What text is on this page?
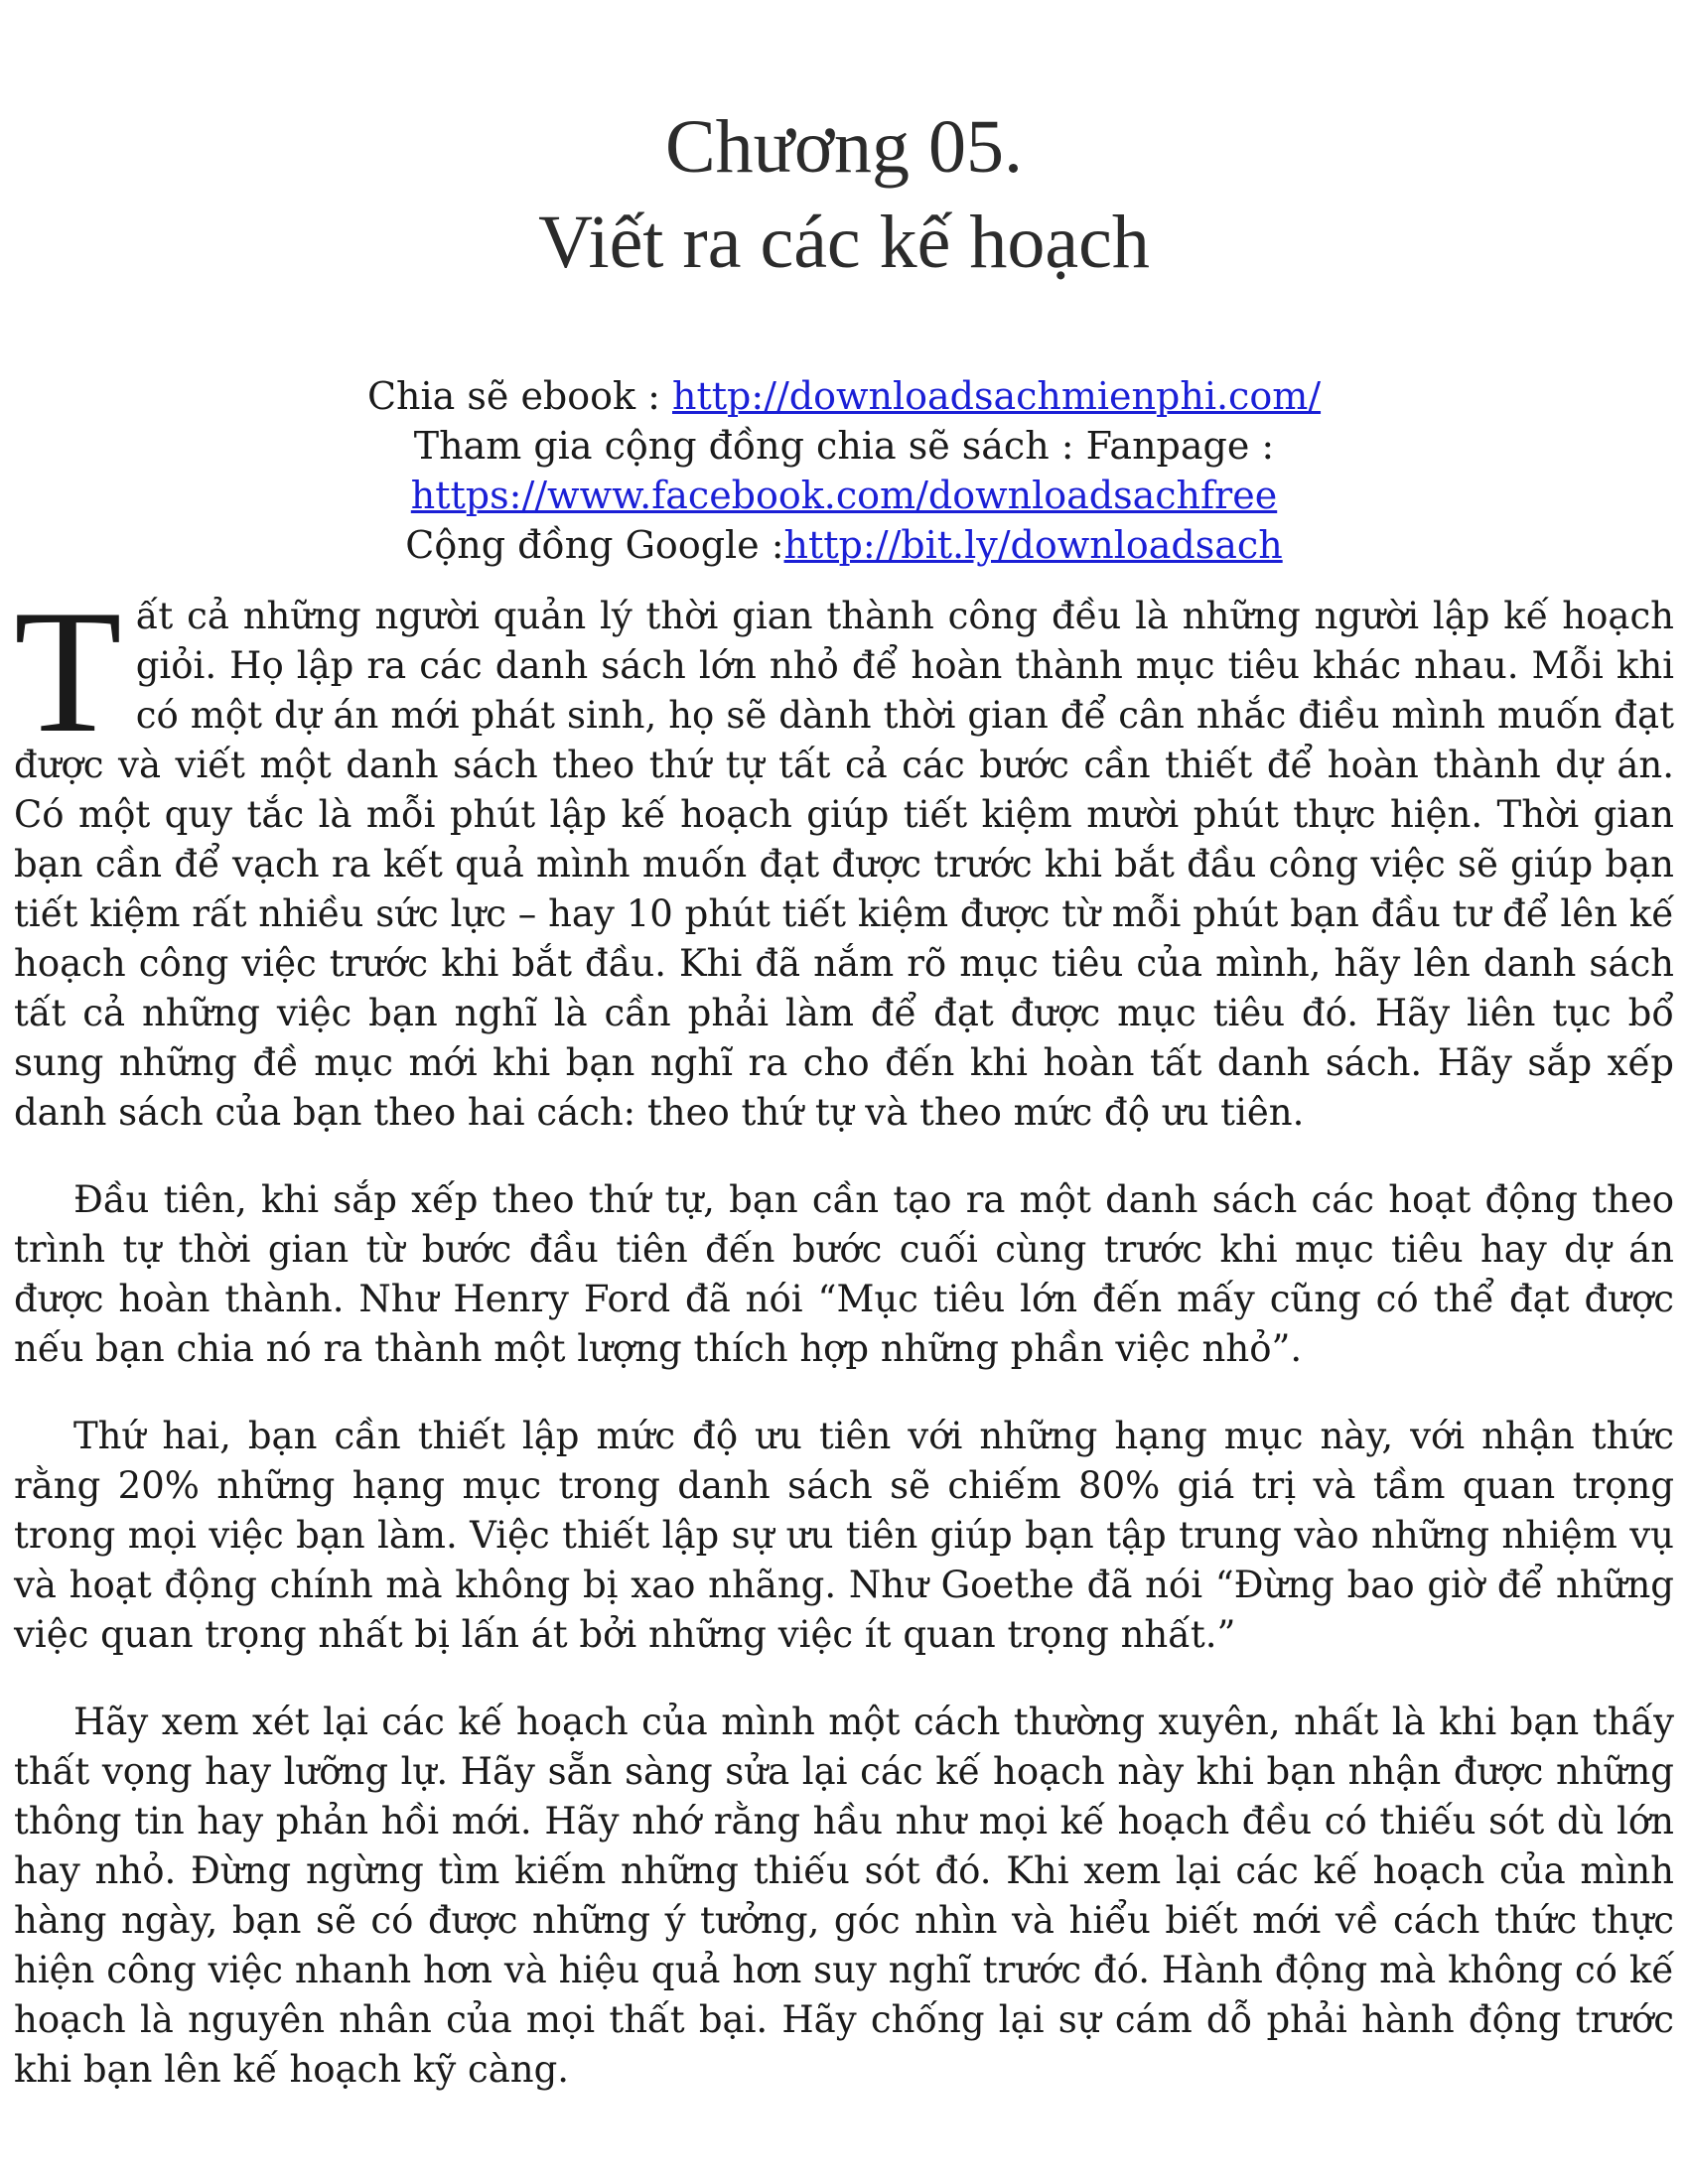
Chương 05.
Viết ra các kế hoạch
Chia sẽ ebook : http://downloadsachmienphi.com/
Tham gia cộng đồng chia sẽ sách : Fanpage :
https://www.facebook.com/downloadsachfree
Cộng đồng Google :http://bit.ly/downloadsach

Tất cả những người quản lý thời gian thành công đều là những người lập kế hoạch giỏi. Họ lập ra các danh sách lớn nhỏ để hoàn thành mục tiêu khác nhau. Mỗi khi có một dự án mới phát sinh, họ sẽ dành thời gian để cân nhắc điều mình muốn đạt được và viết một danh sách theo thứ tự tất cả các bước cần thiết để hoàn thành dự án. Có một quy tắc là mỗi phút lập kế hoạch giúp tiết kiệm mười phút thực hiện. Thời gian bạn cần để vạch ra kết quả mình muốn đạt được trước khi bắt đầu công việc sẽ giúp bạn tiết kiệm rất nhiều sức lực – hay 10 phút tiết kiệm được từ mỗi phút bạn đầu tư để lên kế hoạch công việc trước khi bắt đầu. Khi đã nắm rõ mục tiêu của mình, hãy lên danh sách tất cả những việc bạn nghĩ là cần phải làm để đạt được mục tiêu đó. Hãy liên tục bổ sung những đề mục mới khi bạn nghĩ ra cho đến khi hoàn tất danh sách. Hãy sắp xếp danh sách của bạn theo hai cách: theo thứ tự và theo mức độ ưu tiên.

Đầu tiên, khi sắp xếp theo thứ tự, bạn cần tạo ra một danh sách các hoạt động theo trình tự thời gian từ bước đầu tiên đến bước cuối cùng trước khi mục tiêu hay dự án được hoàn thành. Như Henry Ford đã nói “Mục tiêu lớn đến mấy cũng có thể đạt được nếu bạn chia nó ra thành một lượng thích hợp những phần việc nhỏ”.

Thứ hai, bạn cần thiết lập mức độ ưu tiên với những hạng mục này, với nhận thức rằng 20% những hạng mục trong danh sách sẽ chiếm 80% giá trị và tầm quan trọng trong mọi việc bạn làm. Việc thiết lập sự ưu tiên giúp bạn tập trung vào những nhiệm vụ và hoạt động chính mà không bị xao nhãng. Như Goethe đã nói “Đừng bao giờ để những việc quan trọng nhất bị lấn át bởi những việc ít quan trọng nhất.”

Hãy xem xét lại các kế hoạch của mình một cách thường xuyên, nhất là khi bạn thấy thất vọng hay lưỡng lự. Hãy sẵn sàng sửa lại các kế hoạch này khi bạn nhận được những thông tin hay phản hồi mới. Hãy nhớ rằng hầu như mọi kế hoạch đều có thiếu sót dù lớn hay nhỏ. Đừng ngừng tìm kiếm những thiếu sót đó. Khi xem lại các kế hoạch của mình hàng ngày, bạn sẽ có được những ý tưởng, góc nhìn và hiểu biết mới về cách thức thực hiện công việc nhanh hơn và hiệu quả hơn suy nghĩ trước đó. Hành động mà không có kế hoạch là nguyên nhân của mọi thất bại. Hãy chống lại sự cám dỗ phải hành động trước khi bạn lên kế hoạch kỹ càng.
